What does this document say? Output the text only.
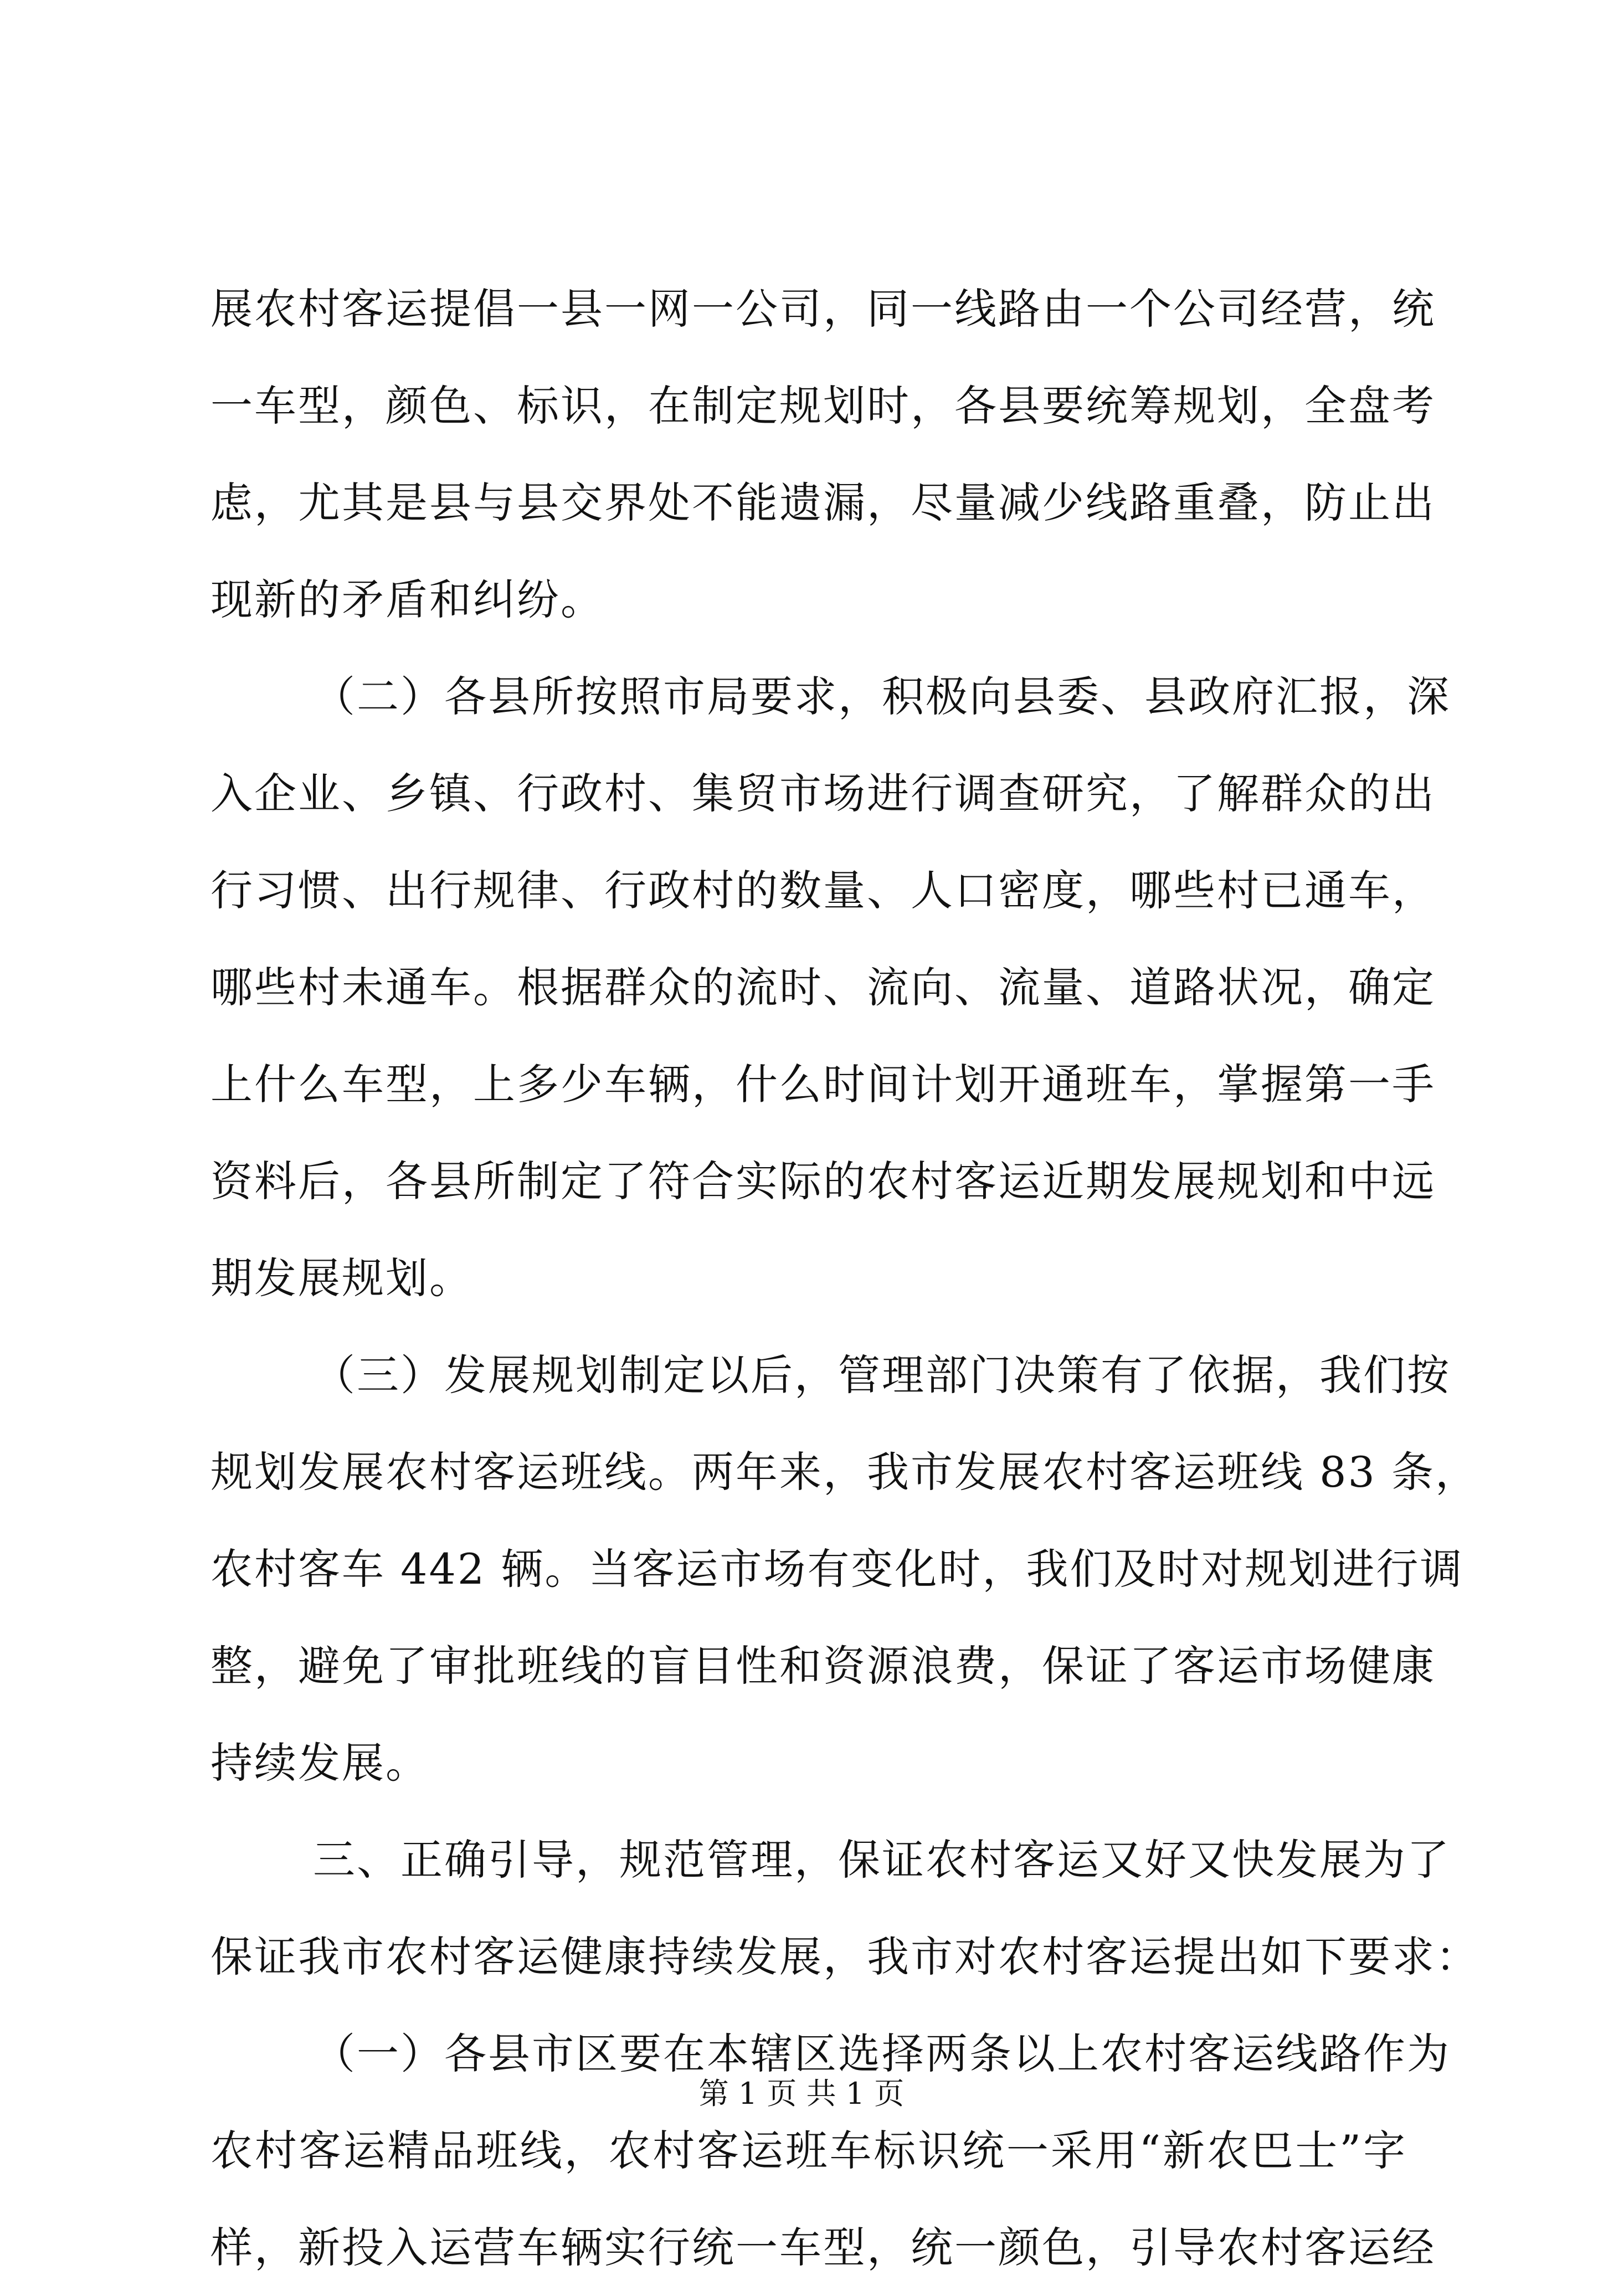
展农村客运提倡一县一网一公司，同一线路由一个公司经营，统
一车型，颜色、标识，在制定规划时，各县要统筹规划，全盘考
虑，尤其是县与县交界处不能遗漏，尽量减少线路重叠，防止出
现新的矛盾和纠纷。
（二）各县所按照市局要求，积极向县委、县政府汇报，深
入企业、乡镇、行政村、集贸市场进行调查研究，了解群众的出
行习惯、出行规律、行政村的数量、人口密度，哪些村已通车，
哪些村未通车。根据群众的流时、流向、流量、道路状况，确定
上什么车型，上多少车辆，什么时间计划开通班车，掌握第一手
资料后，各县所制定了符合实际的农村客运近期发展规划和中远
期发展规划。
（三）发展规划制定以后，管理部门决策有了依据，我们按
规划发展农村客运班线。两年来，我市发展农村客运班线 83 条，
农村客车 442 辆。当客运市场有变化时，我们及时对规划进行调
整，避免了审批班线的盲目性和资源浪费，保证了客运市场健康
持续发展。
三、正确引导，规范管理，保证农村客运又好又快发展为了
保证我市农村客运健康持续发展，我市对农村客运提出如下要求：
（一）各县市区要在本辖区选择两条以上农村客运线路作为
农村客运精品班线，农村客运班车标识统一采用“新农巴士”字
样，新投入运营车辆实行统一车型，统一颜色，引导农村客运经
第 1 页 共 1 页
